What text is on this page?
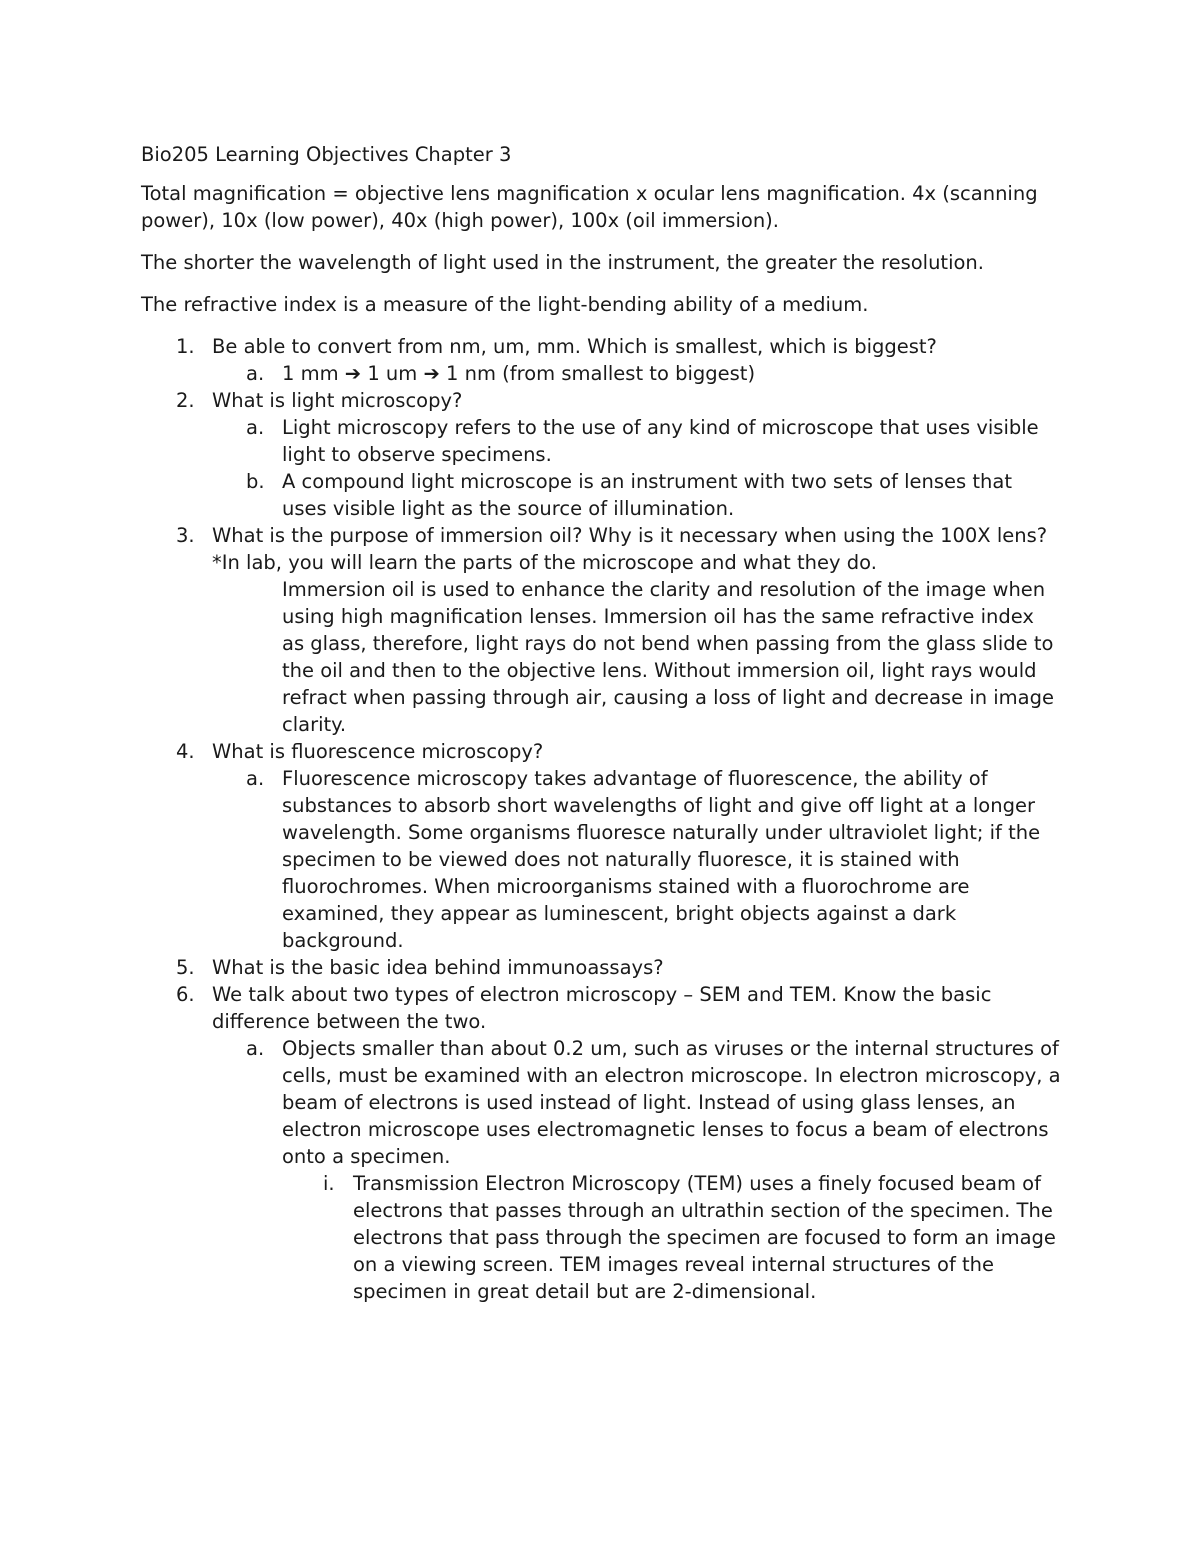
Bio205 Learning Objectives Chapter 3
Total magnification = objective lens magnification x ocular lens magnification. 4x (scanning power), 10x (low power), 40x (high power), 100x (oil immersion).
The shorter the wavelength of light used in the instrument, the greater the resolution.
The refractive index is a measure of the light-bending ability of a medium.
1. Be able to convert from nm, um, mm. Which is smallest, which is biggest?
a. 1 mm ➔ 1 um ➔ 1 nm (from smallest to biggest)
2. What is light microscopy?
a. Light microscopy refers to the use of any kind of microscope that uses visible light to observe specimens.
b. A compound light microscope is an instrument with two sets of lenses that uses visible light as the source of illumination.
3. What is the purpose of immersion oil? Why is it necessary when using the 100X lens?
*In lab, you will learn the parts of the microscope and what they do.
Immersion oil is used to enhance the clarity and resolution of the image when using high magnification lenses. Immersion oil has the same refractive index as glass, therefore, light rays do not bend when passing from the glass slide to the oil and then to the objective lens. Without immersion oil, light rays would refract when passing through air, causing a loss of light and decrease in image clarity.
4. What is fluorescence microscopy?
a. Fluorescence microscopy takes advantage of fluorescence, the ability of substances to absorb short wavelengths of light and give off light at a longer wavelength. Some organisms fluoresce naturally under ultraviolet light; if the specimen to be viewed does not naturally fluoresce, it is stained with fluorochromes. When microorganisms stained with a fluorochrome are examined, they appear as luminescent, bright objects against a dark background.
5. What is the basic idea behind immunoassays?
6. We talk about two types of electron microscopy – SEM and TEM. Know the basic difference between the two.
a. Objects smaller than about 0.2 um, such as viruses or the internal structures of cells, must be examined with an electron microscope. In electron microscopy, a beam of electrons is used instead of light. Instead of using glass lenses, an electron microscope uses electromagnetic lenses to focus a beam of electrons onto a specimen.
i. Transmission Electron Microscopy (TEM) uses a finely focused beam of electrons that passes through an ultrathin section of the specimen. The electrons that pass through the specimen are focused to form an image on a viewing screen. TEM images reveal internal structures of the specimen in great detail but are 2-dimensional.
